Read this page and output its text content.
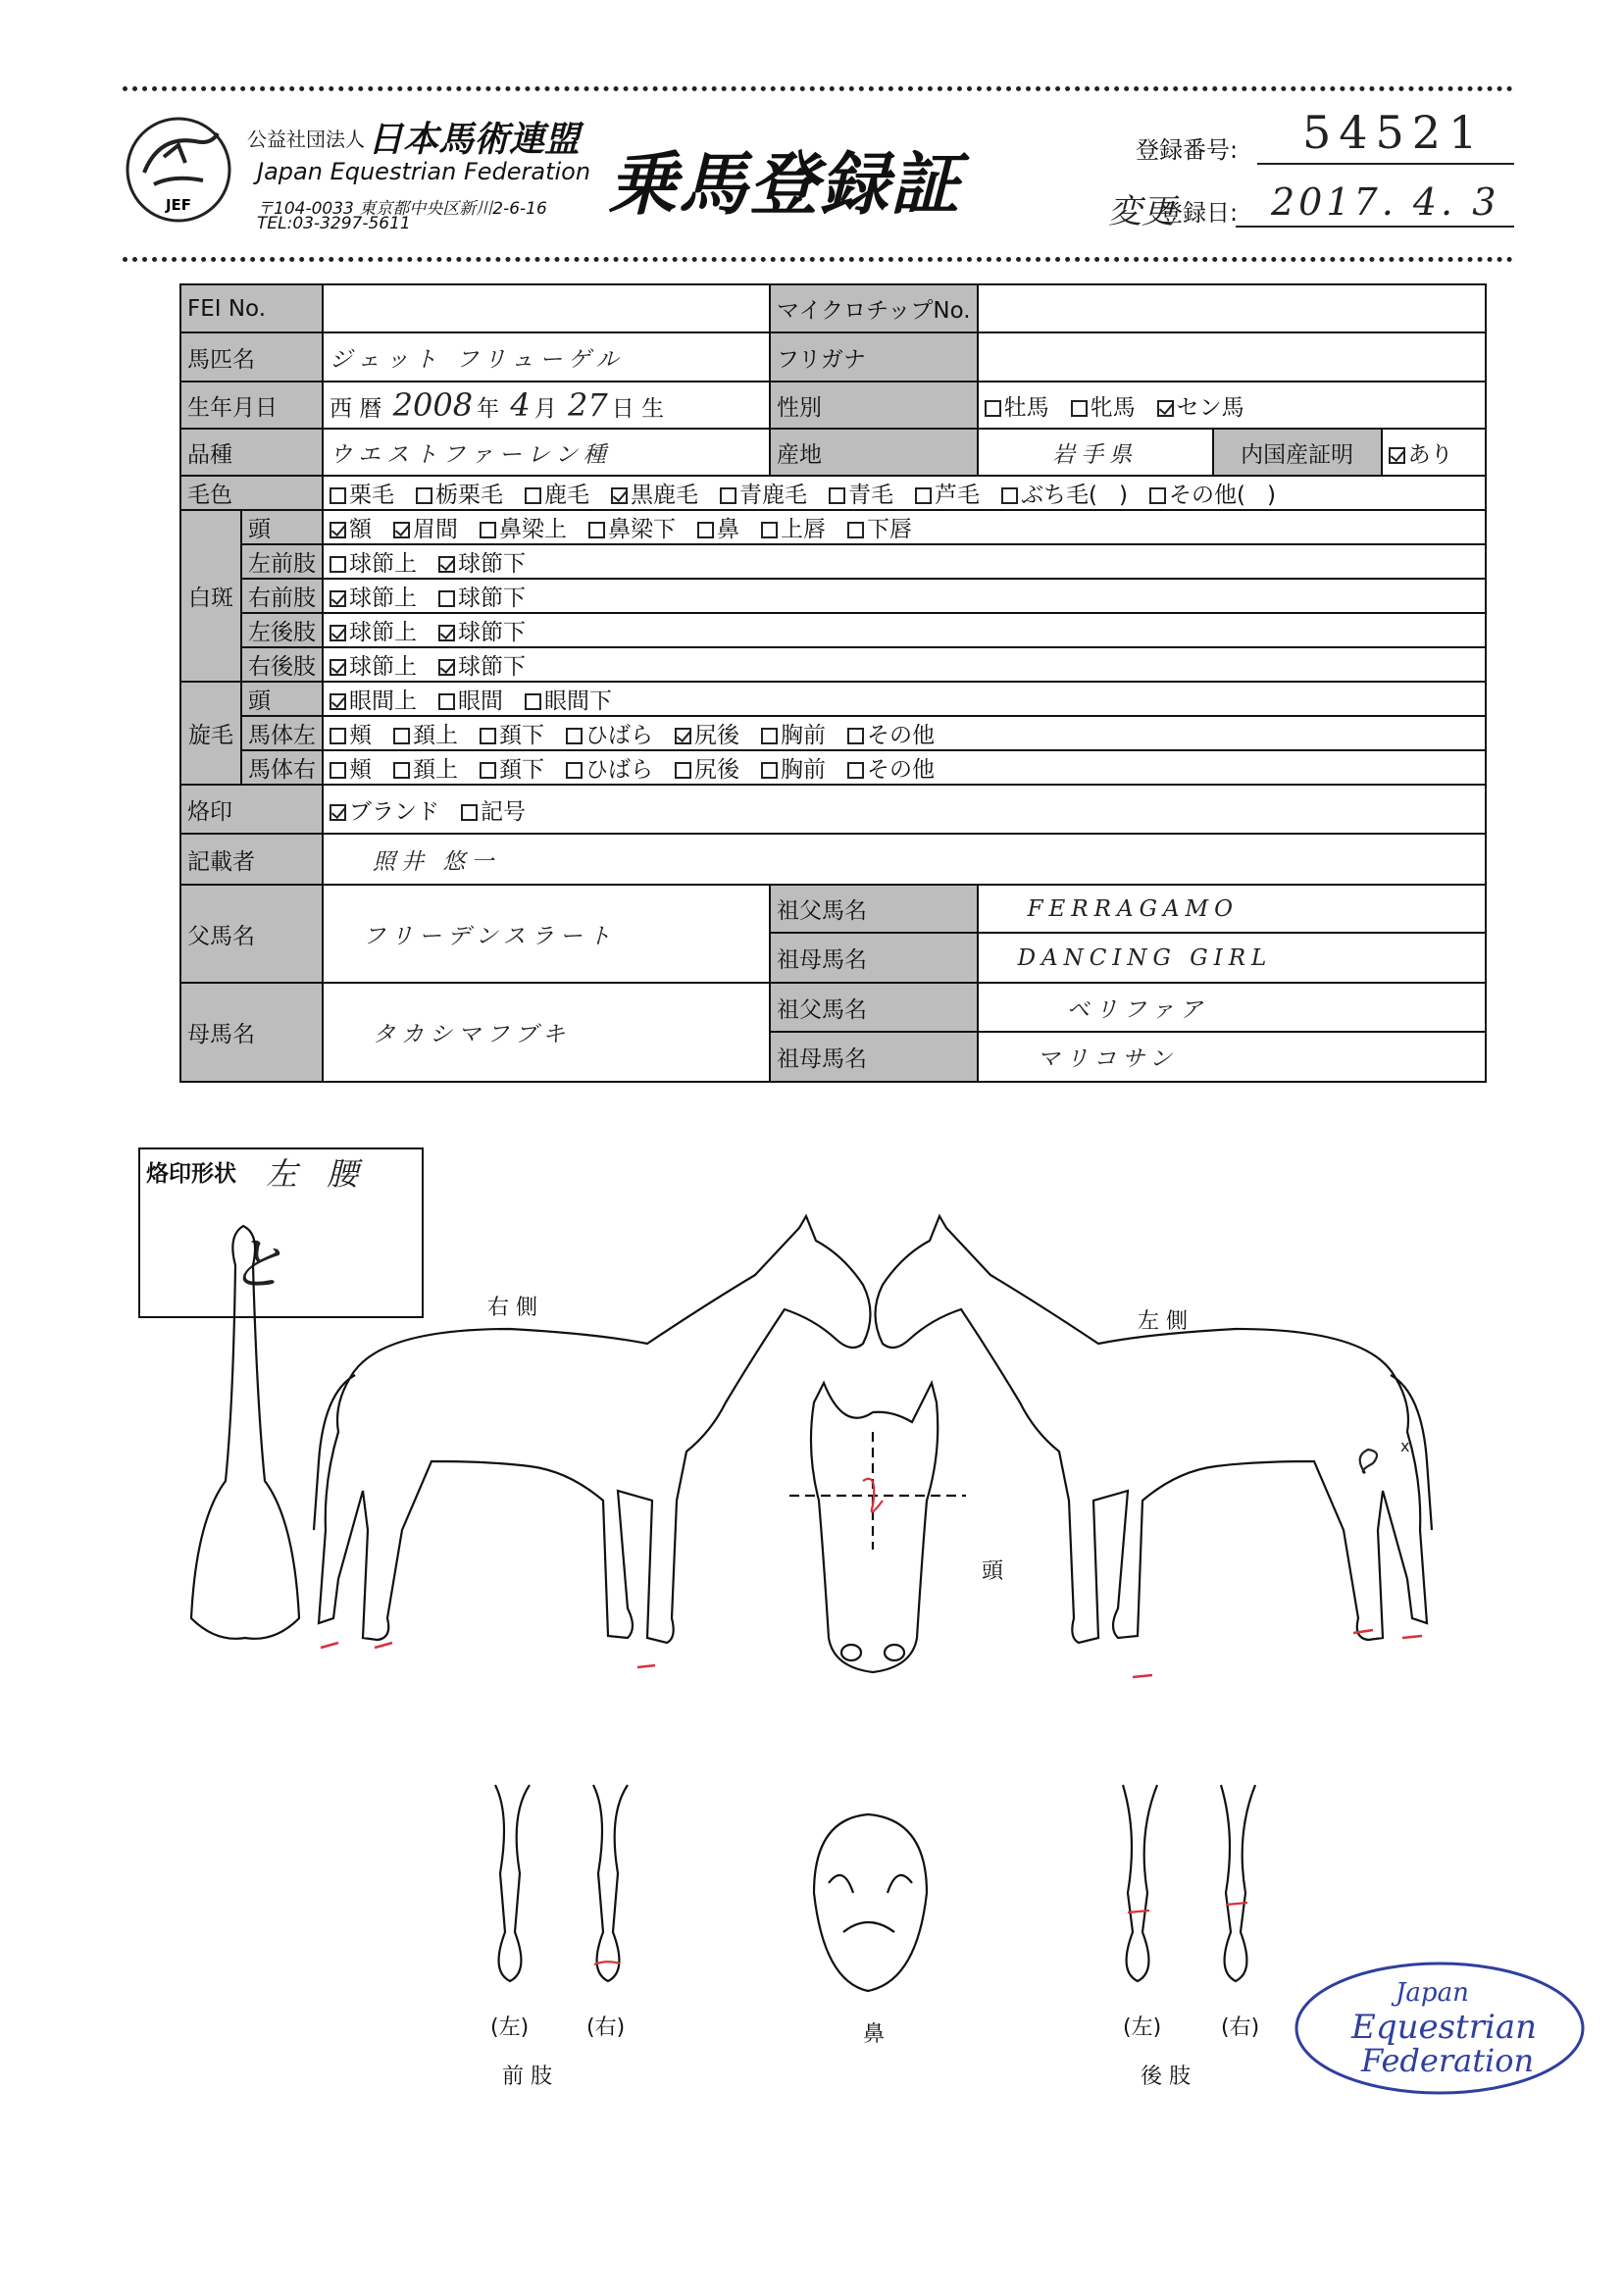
JEF
公益社団法人 日本馬術連盟
Japan Equestrian Federation
〒104-0033 東京都中央区新川2-6-16
TEL:03-3297-5611	乗馬登録証	登録番号: 54521
変更
登録日: 2017. 4. 3
FEI No.			マイクロチップNo.			
馬匹名		ジェット フリューゲル	フリガナ			
生年月日		西 暦 2008 年 4 月 27 日 生	性別	牡馬 牝馬 セン馬		
品種		ウエストファーレン種	産地	岩手県	内国産証明	あり
毛色		栗毛 栃栗毛 鹿毛 黒鹿毛 青鹿毛 青毛 芦毛 ぶち毛( ) その他( )				
白斑	頭	額 眉間 鼻梁上 鼻梁下 鼻 上唇 下唇				
	左前肢	球節上 球節下				
	右前肢	球節上 球節下				
	左後肢	球節上 球節下				
	右後肢	球節上 球節下				
旋毛	頭	眼間上 眼間 眼間下				
	馬体左	頬 頚上 頚下 ひばら 尻後 胸前 その他				
	馬体右	頬 頚上 頚下 ひばら 尻後 胸前 その他				
烙印		ブランド 記号				
記載者		照井 悠一				
父馬名		フリーデンスラート	祖父馬名	FERRAGAMO		
			祖母馬名	DANCING GIRL		
母馬名		タカシマフブキ	祖父馬名	ベリファア		
			祖母馬名	マリコサン		
烙印形状 左 腰
と
右 側
左 側
頭
鼻
(左)	(右)
前 肢
(左)	(右)
後 肢
x
Japan
Equestrian
Federation
